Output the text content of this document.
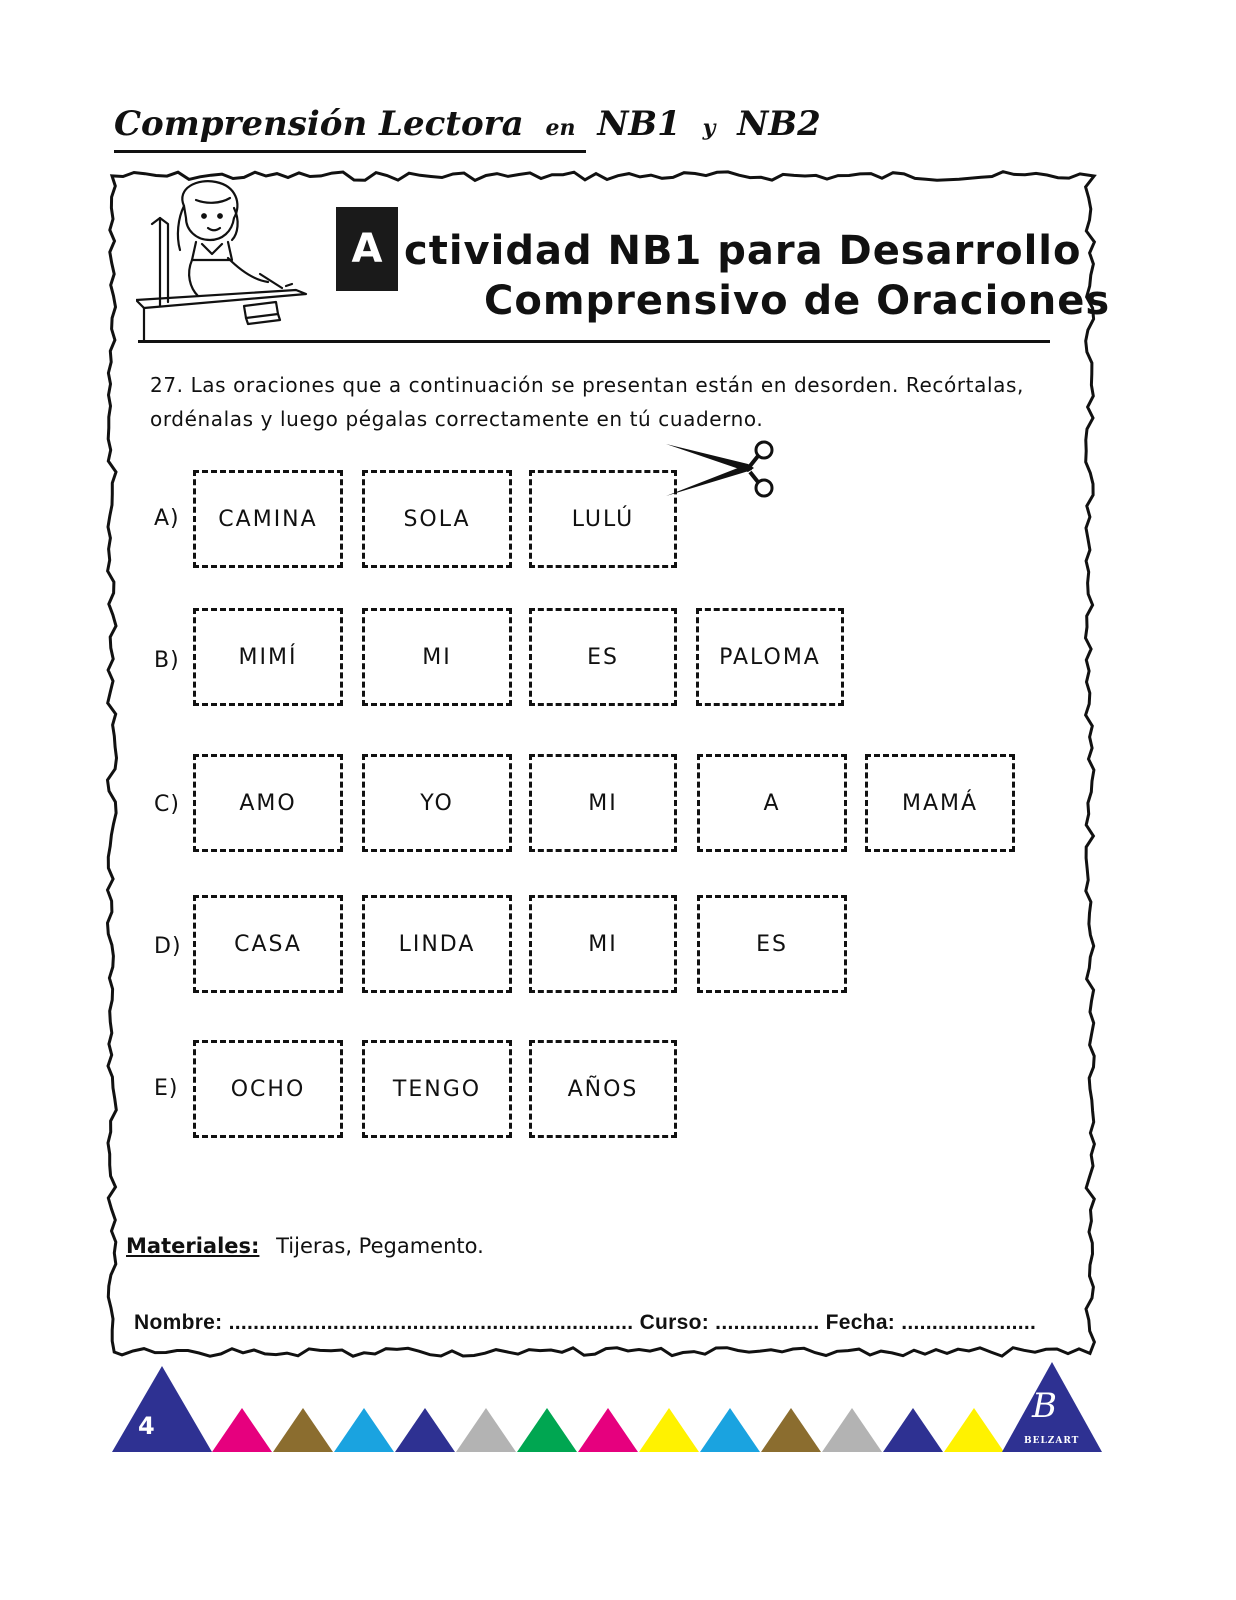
Comprensión Lectora en NB1 y NB2
A ctividad NB1 para Desarrollo
Comprensivo de Oraciones
27. Las oraciones que a continuación se presentan están en desorden. Recórtalas, ordénalas y luego pégalas correctamente en tú cuaderno.
A)	CAMINA	SOLA	LULÚ
B)	MIMÍ	MI	ES	PALOMA
C)	AMO	YO	MI	A	MAMÁ
D)	CASA	LINDA	MI	ES
E)	OCHO	TENGO	AÑOS
Materiales: Tijeras, Pegamento.
Nombre: .................................................................. Curso: ................. Fecha: ......................
4	B
BELZART
